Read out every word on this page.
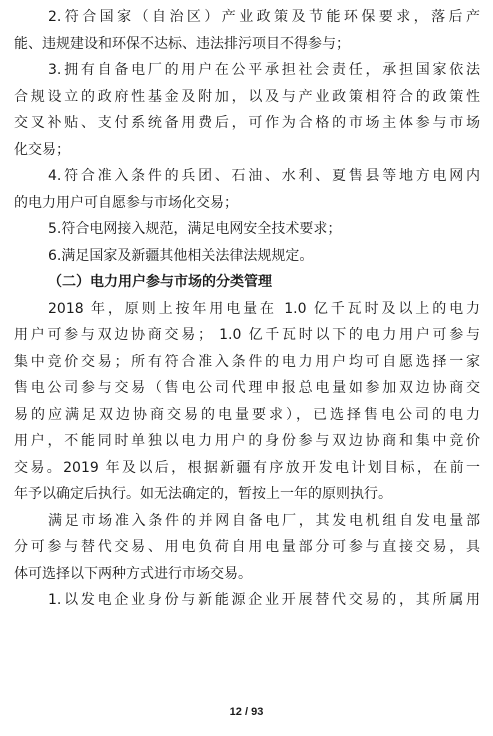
2.符合国家（自治区）产业政策及节能环保要求，落后产
能、违规建设和环保不达标、违法排污项目不得参与；
3.拥有自备电厂的用户在公平承担社会责任，承担国家依法
合规设立的政府性基金及附加，以及与产业政策相符合的政策性
交叉补贴、支付系统备用费后，可作为合格的市场主体参与市场
化交易；
4.符合准入条件的兵团、石油、水利、夏售县等地方电网内
的电力用户可自愿参与市场化交易；
5.符合电网接入规范，满足电网安全技术要求；
6.满足国家及新疆其他相关法律法规规定。
（二）电力用户参与市场的分类管理
2018 年，原则上按年用电量在 1.0 亿千瓦时及以上的电力
用户可参与双边协商交易； 1.0 亿千瓦时以下的电力用户可参与
集中竞价交易；所有符合准入条件的电力用户均可自愿选择一家
售电公司参与交易（售电公司代理申报总电量如参加双边协商交
易的应满足双边协商交易的电量要求），已选择售电公司的电力
用户，不能同时单独以电力用户的身份参与双边协商和集中竞价
交易。2019 年及以后，根据新疆有序放开发电计划目标，在前一
年予以确定后执行。如无法确定的，暂按上一年的原则执行。
满足市场准入条件的并网自备电厂，其发电机组自发电量部
分可参与替代交易、用电负荷自用电量部分可参与直接交易，具
体可选择以下两种方式进行市场交易。
1.以发电企业身份与新能源企业开展替代交易的，其所属用
12 / 93
